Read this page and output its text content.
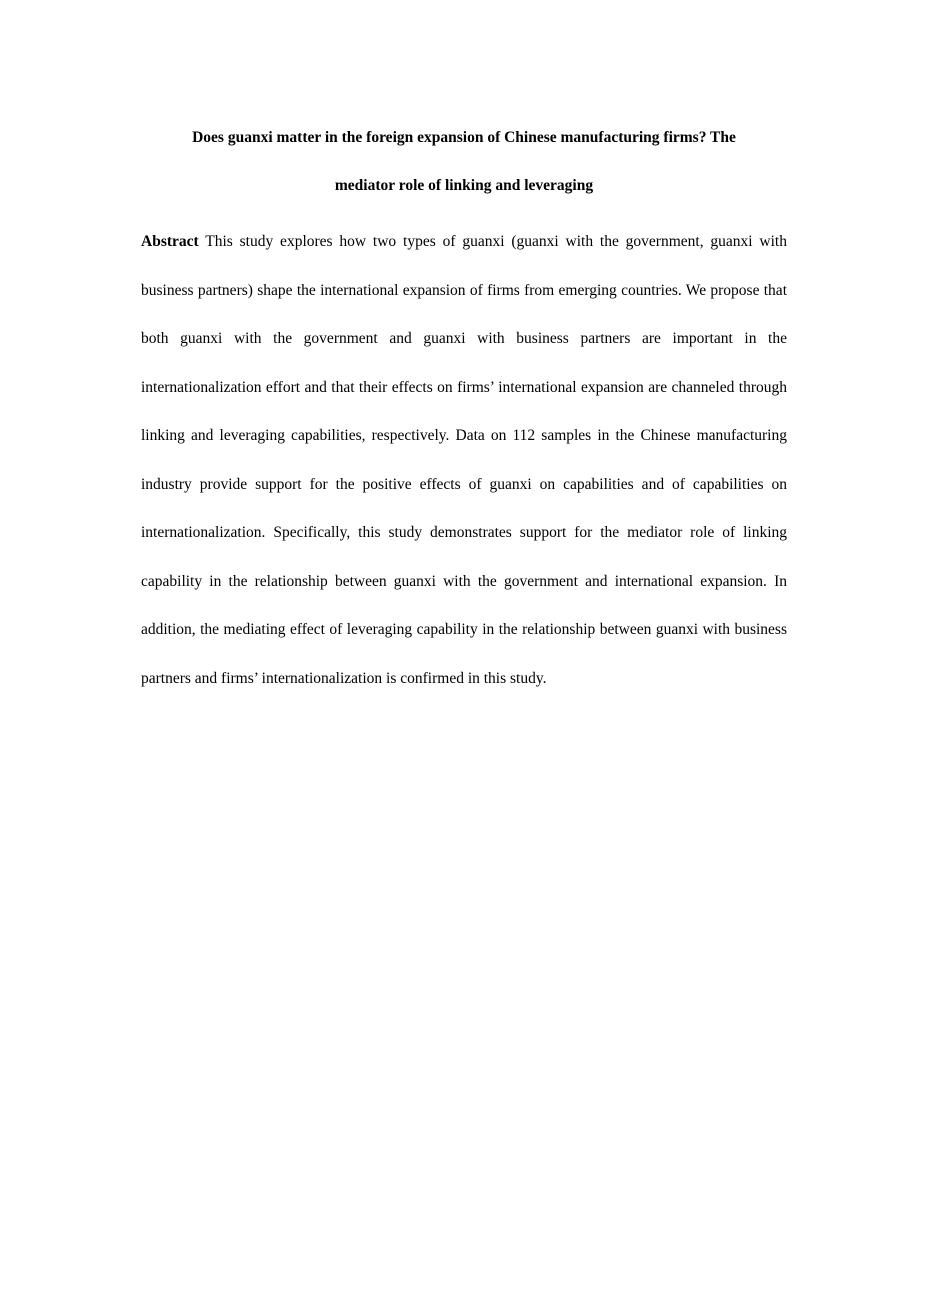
Does guanxi matter in the foreign expansion of Chinese manufacturing firms? The

mediator role of linking and leveraging

Abstract This study explores how two types of guanxi (guanxi with the government, guanxi with business partners) shape the international expansion of firms from emerging countries. We propose that both guanxi with the government and guanxi with business partners are important in the internationalization effort and that their effects on firms’ international expansion are channeled through linking and leveraging capabilities, respectively. Data on 112 samples in the Chinese manufacturing industry provide support for the positive effects of guanxi on capabilities and of capabilities on internationalization. Specifically, this study demonstrates support for the mediator role of linking capability in the relationship between guanxi with the government and international expansion. In addition, the mediating effect of leveraging capability in the relationship between guanxi with business partners and firms’ internationalization is confirmed in this study.
